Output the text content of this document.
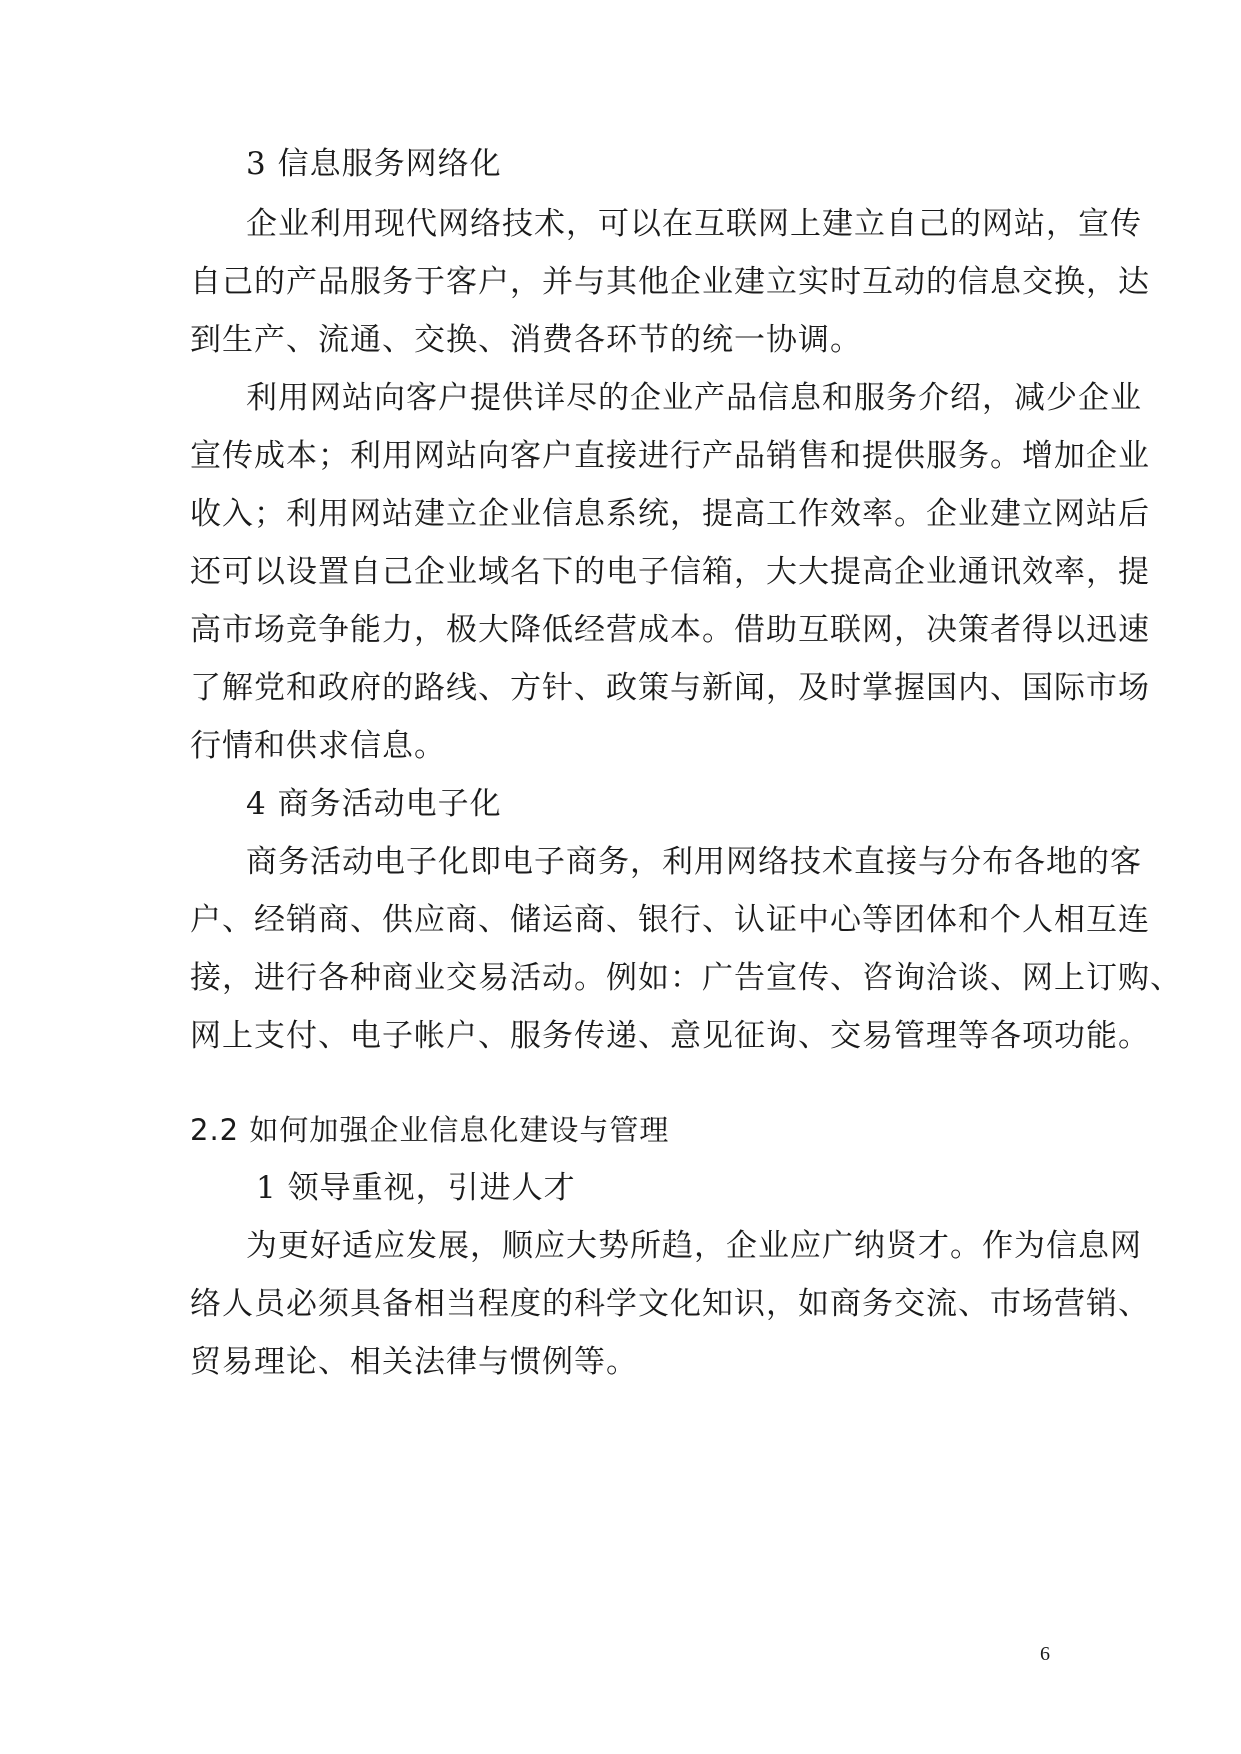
3 信息服务网络化
企业利用现代网络技术，可以在互联网上建立自己的网站，宣传
自己的产品服务于客户，并与其他企业建立实时互动的信息交换，达
到生产、流通、交换、消费各环节的统一协调。
利用网站向客户提供详尽的企业产品信息和服务介绍，减少企业
宣传成本；利用网站向客户直接进行产品销售和提供服务。增加企业
收入；利用网站建立企业信息系统，提高工作效率。企业建立网站后
还可以设置自己企业域名下的电子信箱，大大提高企业通讯效率，提
高市场竞争能力，极大降低经营成本。借助互联网，决策者得以迅速
了解党和政府的路线、方针、政策与新闻，及时掌握国内、国际市场
行情和供求信息。
4 商务活动电子化
商务活动电子化即电子商务，利用网络技术直接与分布各地的客
户、经销商、供应商、储运商、银行、认证中心等团体和个人相互连
接，进行各种商业交易活动。例如：广告宣传、咨询洽谈、网上订购、
网上支付、电子帐户、服务传递、意见征询、交易管理等各项功能。
2.2 如何加强企业信息化建设与管理
1 领导重视，引进人才
为更好适应发展，顺应大势所趋，企业应广纳贤才。作为信息网
络人员必须具备相当程度的科学文化知识，如商务交流、巿场营销、
贸易理论、相关法律与惯例等。
6
